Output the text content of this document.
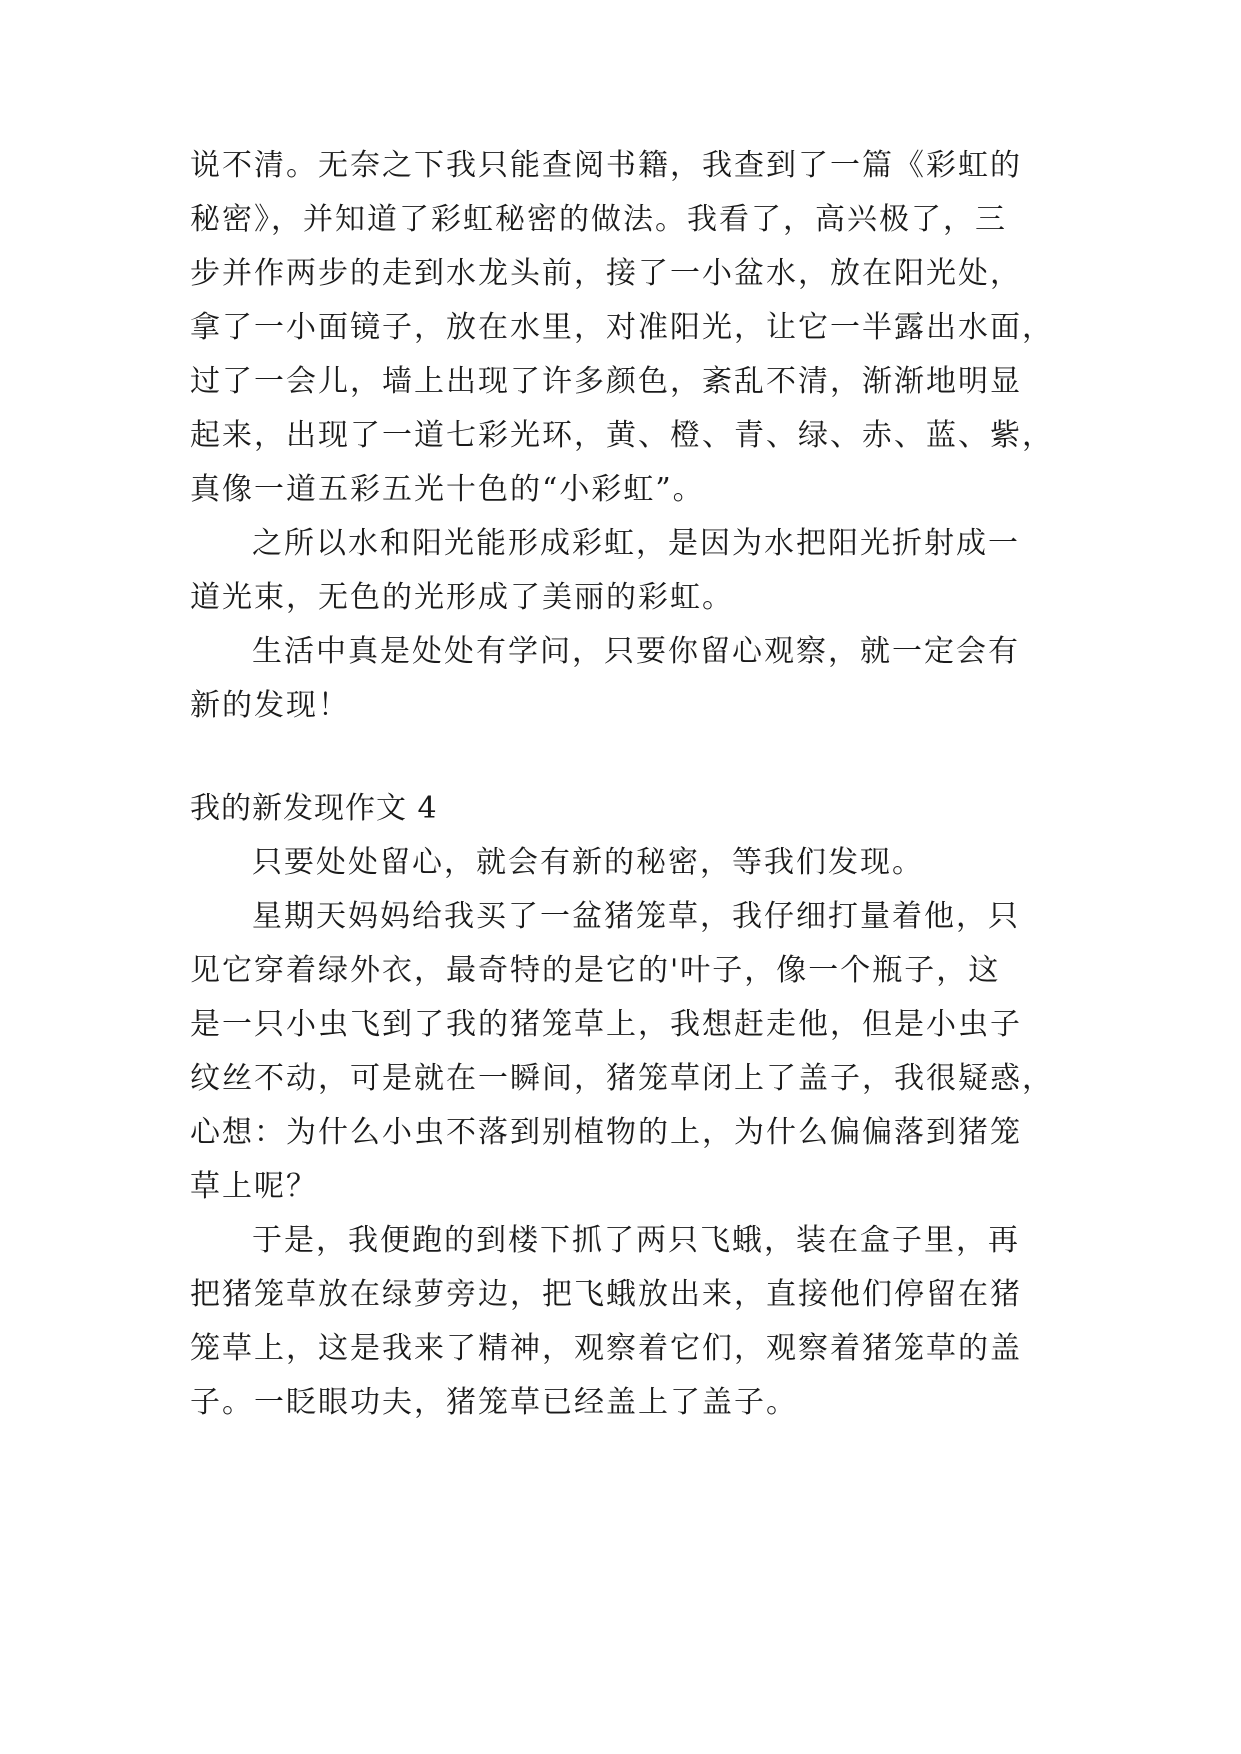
说不清。无奈之下我只能查阅书籍，我查到了一篇《彩虹的
秘密》，并知道了彩虹秘密的做法。我看了，高兴极了，三
步并作两步的走到水龙头前，接了一小盆水，放在阳光处，
拿了一小面镜子，放在水里，对准阳光，让它一半露出水面，
过了一会儿，墙上出现了许多颜色，紊乱不清，渐渐地明显
起来，出现了一道七彩光环，黄、橙、青、绿、赤、蓝、紫，
真像一道五彩五光十色的“小彩虹”。
之所以水和阳光能形成彩虹，是因为水把阳光折射成一
道光束，无色的光形成了美丽的彩虹。
生活中真是处处有学问，只要你留心观察，就一定会有
新的发现！
我的新发现作文 4
只要处处留心，就会有新的秘密，等我们发现。
星期天妈妈给我买了一盆猪笼草，我仔细打量着他，只
见它穿着绿外衣，最奇特的是它的'叶子，像一个瓶子，这
是一只小虫飞到了我的猪笼草上，我想赶走他，但是小虫子
纹丝不动，可是就在一瞬间，猪笼草闭上了盖子，我很疑惑，
心想：为什么小虫不落到别植物的上，为什么偏偏落到猪笼
草上呢？
于是，我便跑的到楼下抓了两只飞蛾，装在盒子里，再
把猪笼草放在绿萝旁边，把飞蛾放出来，直接他们停留在猪
笼草上，这是我来了精神，观察着它们，观察着猪笼草的盖
子。一眨眼功夫，猪笼草已经盖上了盖子。
